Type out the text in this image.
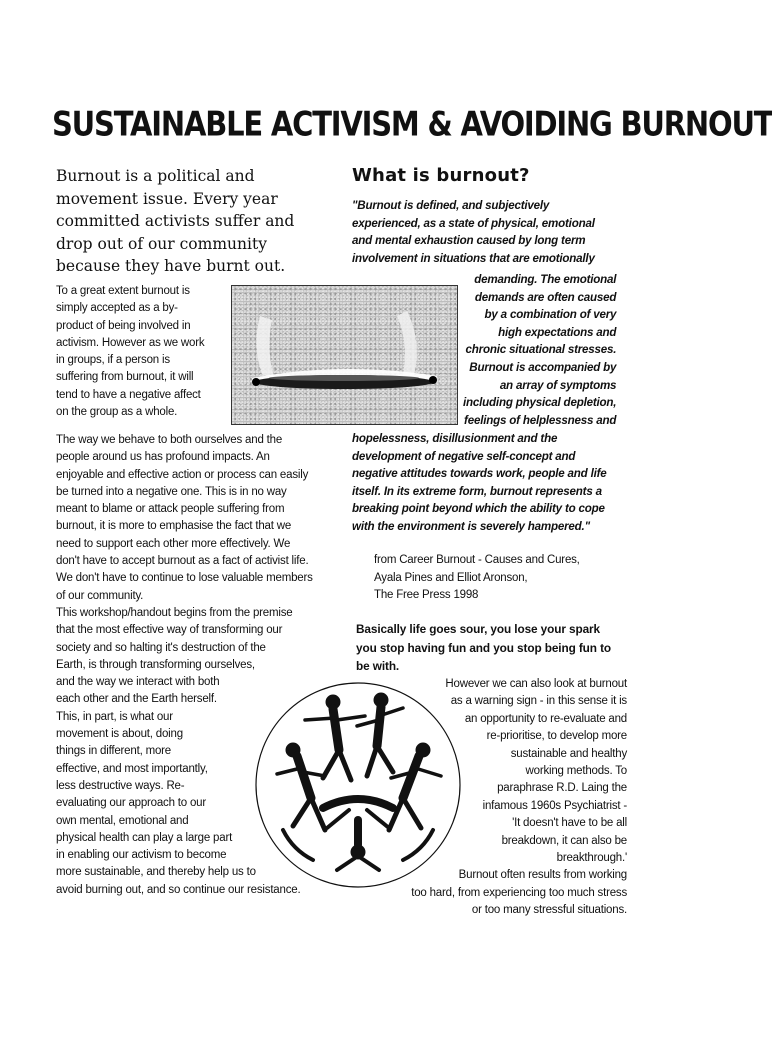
SUSTAINABLE ACTIVISM & AVOIDING BURNOUT
Burnout is a political and
movement issue. Every year
committed activists suffer and
drop out of our community
because they have burnt out.
To a great extent burnout is
simply accepted as a by-
product of being involved in
activism. However as we work
in groups, if a person is
suffering from burnout, it will
tend to have a negative affect
on the group as a whole.
The way we behave to both ourselves and the
people around us has profound impacts. An
enjoyable and effective action or process can easily
be turned into a negative one. This is in no way
meant to blame or attack people suffering from
burnout, it is more to emphasise the fact that we
need to support each other more effectively. We
don't have to accept burnout as a fact of activist life.
We don't have to continue to lose valuable members
of our community.
This workshop/handout begins from the premise
that the most effective way of transforming our
society and so halting it's destruction of the
Earth, is through transforming ourselves,
and the way we interact with both
each other and the Earth herself.
This, in part, is what our
movement is about, doing
things in different, more
effective, and most importantly,
less destructive ways. Re-
evaluating our approach to our
own mental, emotional and
physical health can play a large part
in enabling our activism to become
more sustainable, and thereby help us to
avoid burning out, and so continue our resistance.
What is burnout?
"Burnout is defined, and subjectively
experienced, as a state of physical, emotional
and mental exhaustion caused by long term
involvement in situations that are emotionally
demanding. The emotional
demands are often caused
by a combination of very
high expectations and
chronic situational stresses.
Burnout is accompanied by
an array of symptoms
including physical depletion,
feelings of helplessness and
hopelessness, disillusionment and the
development of negative self-concept and
negative attitudes towards work, people and life
itself. In its extreme form, burnout represents a
breaking point beyond which the ability to cope
with the environment is severely hampered."
from Career Burnout - Causes and Cures,
Ayala Pines and Elliot Aronson,
The Free Press 1998
Basically life goes sour, you lose your spark
you stop having fun and you stop being fun to
be with.
However we can also look at burnout
as a warning sign - in this sense it is
an opportunity to re-evaluate and
re-prioritise, to develop more
sustainable and healthy
working methods. To
paraphrase R.D. Laing the
infamous 1960s Psychiatrist -
'It doesn't have to be all
breakdown, it can also be
breakthrough.'
Burnout often results from working
too hard, from experiencing too much stress
or too many stressful situations.
